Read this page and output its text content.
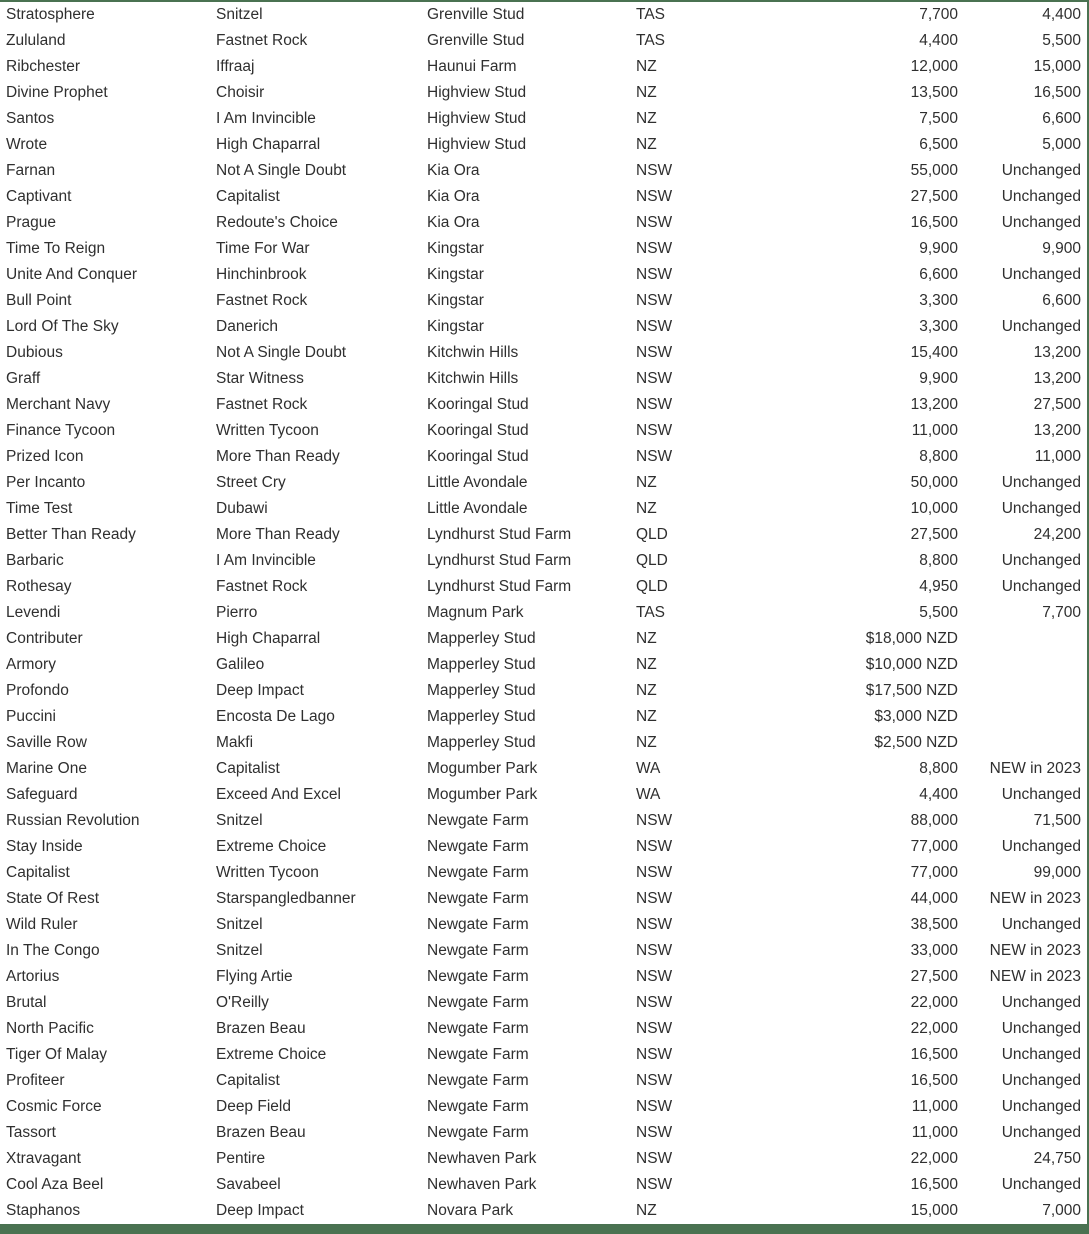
Stratosphere	Snitzel	Grenville Stud	TAS	7,700	4,400
Zululand	Fastnet Rock	Grenville Stud	TAS	4,400	5,500
Ribchester	Iffraaj	Haunui Farm	NZ	12,000	15,000
Divine Prophet	Choisir	Highview Stud	NZ	13,500	16,500
Santos	I Am Invincible	Highview Stud	NZ	7,500	6,600
Wrote	High Chaparral	Highview Stud	NZ	6,500	5,000
Farnan	Not A Single Doubt	Kia Ora	NSW	55,000	Unchanged
Captivant	Capitalist	Kia Ora	NSW	27,500	Unchanged
Prague	Redoute's Choice	Kia Ora	NSW	16,500	Unchanged
Time To Reign	Time For War	Kingstar	NSW	9,900	9,900
Unite And Conquer	Hinchinbrook	Kingstar	NSW	6,600	Unchanged
Bull Point	Fastnet Rock	Kingstar	NSW	3,300	6,600
Lord Of The Sky	Danerich	Kingstar	NSW	3,300	Unchanged
Dubious	Not A Single Doubt	Kitchwin Hills	NSW	15,400	13,200
Graff	Star Witness	Kitchwin Hills	NSW	9,900	13,200
Merchant Navy	Fastnet Rock	Kooringal Stud	NSW	13,200	27,500
Finance Tycoon	Written Tycoon	Kooringal Stud	NSW	11,000	13,200
Prized Icon	More Than Ready	Kooringal Stud	NSW	8,800	11,000
Per Incanto	Street Cry	Little Avondale	NZ	50,000	Unchanged
Time Test	Dubawi	Little Avondale	NZ	10,000	Unchanged
Better Than Ready	More Than Ready	Lyndhurst Stud Farm	QLD	27,500	24,200
Barbaric	I Am Invincible	Lyndhurst Stud Farm	QLD	8,800	Unchanged
Rothesay	Fastnet Rock	Lyndhurst Stud Farm	QLD	4,950	Unchanged
Levendi	Pierro	Magnum Park	TAS	5,500	7,700
Contributer	High Chaparral	Mapperley Stud	NZ	$18,000 NZD
Armory	Galileo	Mapperley Stud	NZ	$10,000 NZD
Profondo	Deep Impact	Mapperley Stud	NZ	$17,500 NZD
Puccini	Encosta De Lago	Mapperley Stud	NZ	$3,000 NZD
Saville Row	Makfi	Mapperley Stud	NZ	$2,500 NZD
Marine One	Capitalist	Mogumber Park	WA	8,800	NEW in 2023
Safeguard	Exceed And Excel	Mogumber Park	WA	4,400	Unchanged
Russian Revolution	Snitzel	Newgate Farm	NSW	88,000	71,500
Stay Inside	Extreme Choice	Newgate Farm	NSW	77,000	Unchanged
Capitalist	Written Tycoon	Newgate Farm	NSW	77,000	99,000
State Of Rest	Starspangledbanner	Newgate Farm	NSW	44,000	NEW in 2023
Wild Ruler	Snitzel	Newgate Farm	NSW	38,500	Unchanged
In The Congo	Snitzel	Newgate Farm	NSW	33,000	NEW in 2023
Artorius	Flying Artie	Newgate Farm	NSW	27,500	NEW in 2023
Brutal	O'Reilly	Newgate Farm	NSW	22,000	Unchanged
North Pacific	Brazen Beau	Newgate Farm	NSW	22,000	Unchanged
Tiger Of Malay	Extreme Choice	Newgate Farm	NSW	16,500	Unchanged
Profiteer	Capitalist	Newgate Farm	NSW	16,500	Unchanged
Cosmic Force	Deep Field	Newgate Farm	NSW	11,000	Unchanged
Tassort	Brazen Beau	Newgate Farm	NSW	11,000	Unchanged
Xtravagant	Pentire	Newhaven Park	NSW	22,000	24,750
Cool Aza Beel	Savabeel	Newhaven Park	NSW	16,500	Unchanged
Staphanos	Deep Impact	Novara Park	NZ	15,000	7,000
